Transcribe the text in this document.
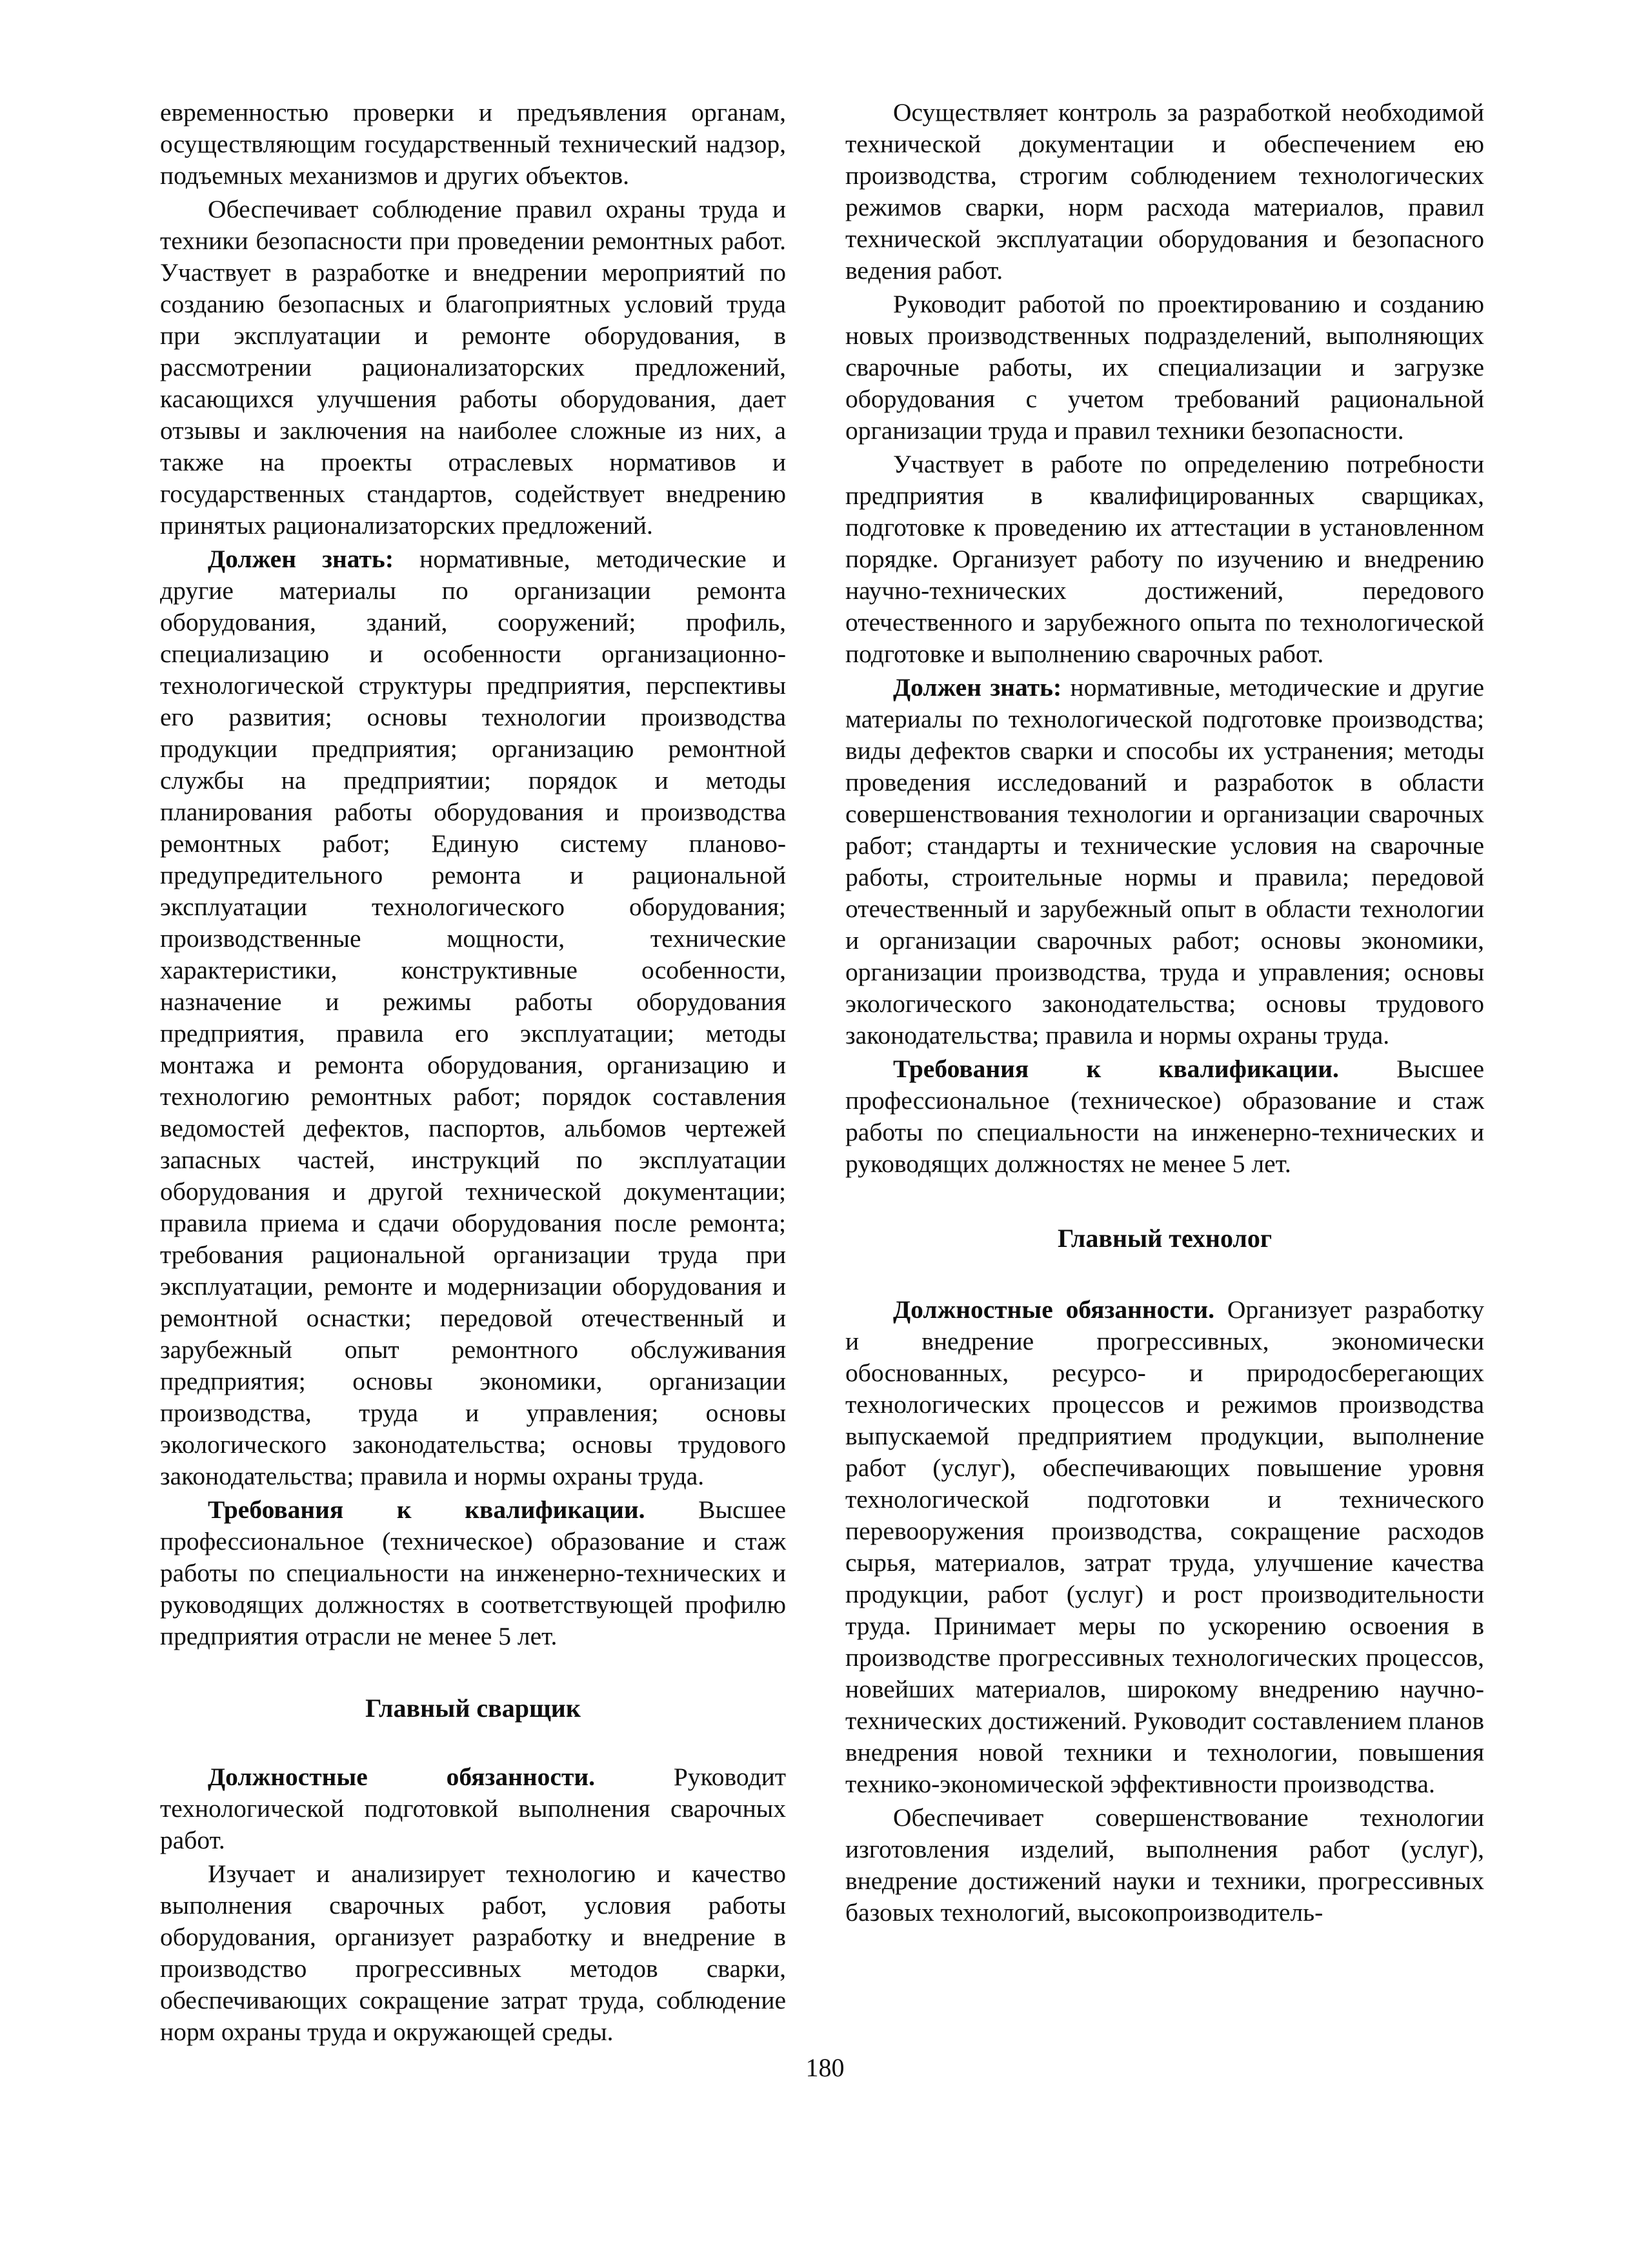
евременностью проверки и предъявления органам, осуществляющим государственный технический надзор, подъемных механизмов и других объектов.

Обеспечивает соблюдение правил охраны труда и техники безопасности при проведении ремонтных работ. Участвует в разработке и внедрении мероприятий по созданию безопасных и благоприятных условий труда при эксплуатации и ремонте оборудования, в рассмотрении рационализаторских предложений, касающихся улучшения работы оборудования, дает отзывы и заключения на наиболее сложные из них, а также на проекты отраслевых нормативов и государственных стандартов, содействует внедрению принятых рационализаторских предложений.

Должен знать: нормативные, методические и другие материалы по организации ремонта оборудования, зданий, сооружений; профиль, специализацию и особенности организационно-технологической структуры предприятия, перспективы его развития; основы технологии производства продукции предприятия; организацию ремонтной службы на предприятии; порядок и методы планирования работы оборудования и производства ремонтных работ; Единую систему планово-предупредительного ремонта и рациональной эксплуатации технологического оборудования; производственные мощности, технические характеристики, конструктивные особенности, назначение и режимы работы оборудования предприятия, правила его эксплуатации; методы монтажа и ремонта оборудования, организацию и технологию ремонтных работ; порядок составления ведомостей дефектов, паспортов, альбомов чертежей запасных частей, инструкций по эксплуатации оборудования и другой технической документации; правила приема и сдачи оборудования после ремонта; требования рациональной организации труда при эксплуатации, ремонте и модернизации оборудования и ремонтной оснастки; передовой отечественный и зарубежный опыт ремонтного обслуживания предприятия; основы экономики, организации производства, труда и управления; основы экологического законодательства; основы трудового законодательства; правила и нормы охраны труда.

Требования к квалификации. Высшее профессиональное (техническое) образование и стаж работы по специальности на инженерно-технических и руководящих должностях в соответствующей профилю предприятия отрасли не менее 5 лет.

Главный сварщик

Должностные обязанности. Руководит технологической подготовкой выполнения сварочных работ.

Изучает и анализирует технологию и качество выполнения сварочных работ, условия работы оборудования, организует разработку и внедрение в производство прогрессивных методов сварки, обеспечивающих сокращение затрат труда, соблюдение норм охраны труда и окружающей среды.

Осуществляет контроль за разработкой необходимой технической документации и обеспечением ею производства, строгим соблюдением технологических режимов сварки, норм расхода материалов, правил технической эксплуатации оборудования и безопасного ведения работ.

Руководит работой по проектированию и созданию новых производственных подразделений, выполняющих сварочные работы, их специализации и загрузке оборудования с учетом требований рациональной организации труда и правил техники безопасности.

Участвует в работе по определению потребности предприятия в квалифицированных сварщиках, подготовке к проведению их аттестации в установленном порядке. Организует работу по изучению и внедрению научно-технических достижений, передового отечественного и зарубежного опыта по технологической подготовке и выполнению сварочных работ.

Должен знать: нормативные, методические и другие материалы по технологической подготовке производства; виды дефектов сварки и способы их устранения; методы проведения исследований и разработок в области совершенствования технологии и организации сварочных работ; стандарты и технические условия на сварочные работы, строительные нормы и правила; передовой отечественный и зарубежный опыт в области технологии и организации сварочных работ; основы экономики, организации производства, труда и управления; основы экологического законодательства; основы трудового законодательства; правила и нормы охраны труда.

Требования к квалификации. Высшее профессиональное (техническое) образование и стаж работы по специальности на инженерно-технических и руководящих должностях не менее 5 лет.

Главный технолог

Должностные обязанности. Организует разработку и внедрение прогрессивных, экономически обоснованных, ресурсо- и природосберегающих технологических процессов и режимов производства выпускаемой предприятием продукции, выполнение работ (услуг), обеспечивающих повышение уровня технологической подготовки и технического перевооружения производства, сокращение расходов сырья, материалов, затрат труда, улучшение качества продукции, работ (услуг) и рост производительности труда. Принимает меры по ускорению освоения в производстве прогрессивных технологических процессов, новейших материалов, широкому внедрению научно-технических достижений. Руководит составлением планов внедрения новой техники и технологии, повышения технико-экономической эффективности производства.

Обеспечивает совершенствование технологии изготовления изделий, выполнения работ (услуг), внедрение достижений науки и техники, прогрессивных базовых технологий, высокопроизводитель-

180
